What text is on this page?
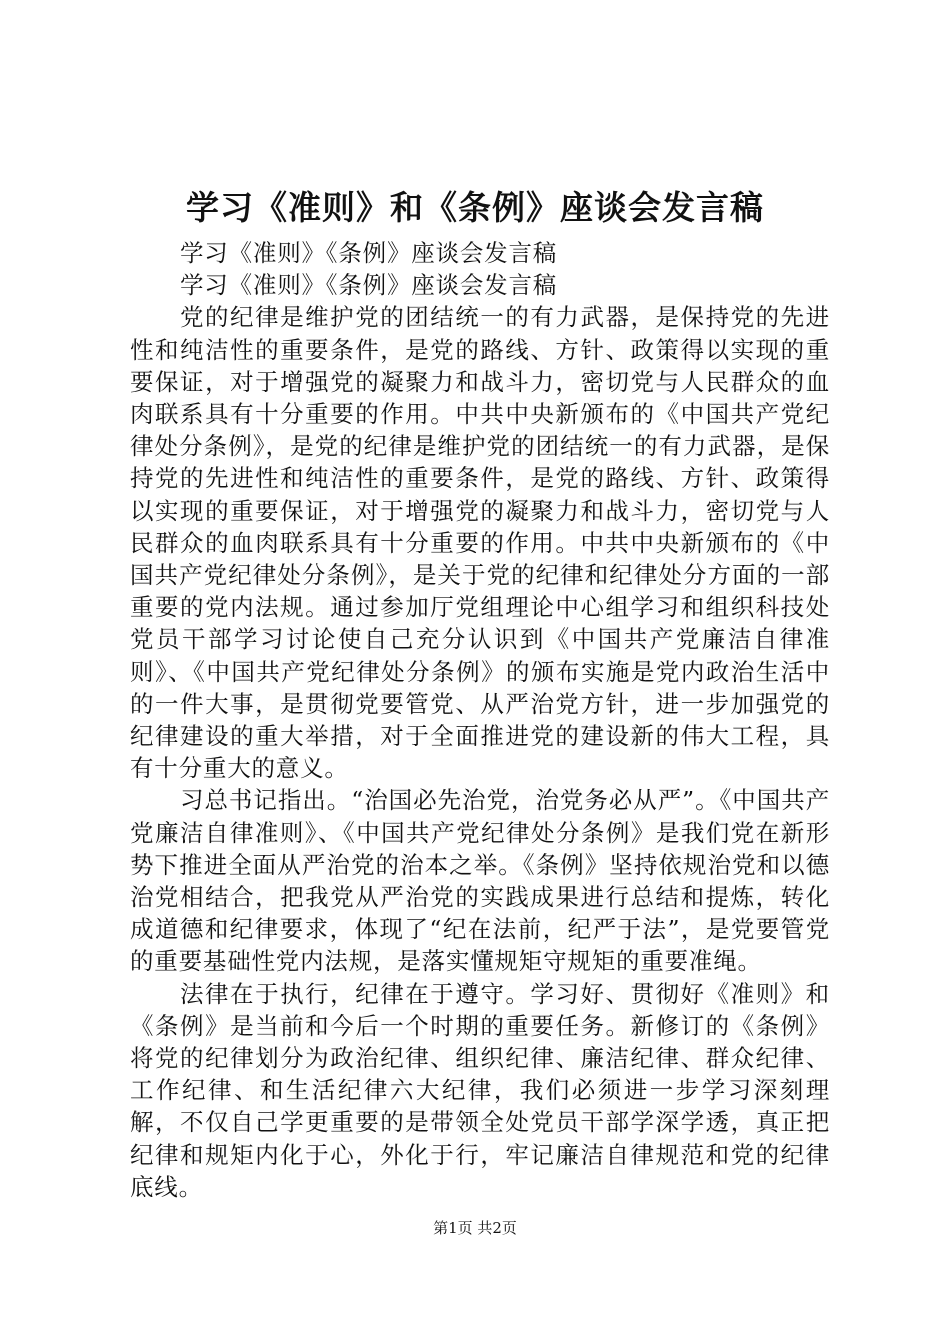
学习《准则》和《条例》座谈会发言稿

学习《准则》《条例》座谈会发言稿

学习《准则》《条例》座谈会发言稿

党的纪律是维护党的团结统一的有力武器，是保持党的先进性和纯洁性的重要条件，是党的路线、方针、政策得以实现的重要保证，对于增强党的凝聚力和战斗力，密切党与人民群众的血肉联系具有十分重要的作用。中共中央新颁布的《中国共产党纪律处分条例》，是党的纪律是维护党的团结统一的有力武器，是保持党的先进性和纯洁性的重要条件，是党的路线、方针、政策得以实现的重要保证，对于增强党的凝聚力和战斗力，密切党与人民群众的血肉联系具有十分重要的作用。中共中央新颁布的《中国共产党纪律处分条例》，是关于党的纪律和纪律处分方面的一部重要的党内法规。通过参加厅党组理论中心组学习和组织科技处党员干部学习讨论使自己充分认识到《中国共产党廉洁自律准则》、《中国共产党纪律处分条例》的颁布实施是党内政治生活中的一件大事，是贯彻党要管党、从严治党方针，进一步加强党的纪律建设的重大举措，对于全面推进党的建设新的伟大工程，具有十分重大的意义。

习总书记指出。“治国必先治党，治党务必从严”。《中国共产党廉洁自律准则》、《中国共产党纪律处分条例》是我们党在新形势下推进全面从严治党的治本之举。《条例》坚持依规治党和以德治党相结合，把我党从严治党的实践成果进行总结和提炼，转化成道德和纪律要求，体现了“纪在法前，纪严于法”，是党要管党的重要基础性党内法规，是落实懂规矩守规矩的重要准绳。

法律在于执行，纪律在于遵守。学习好、贯彻好《准则》和《条例》是当前和今后一个时期的重要任务。新修订的《条例》将党的纪律划分为政治纪律、组织纪律、廉洁纪律、群众纪律、工作纪律、和生活纪律六大纪律，我们必须进一步学习深刻理解，不仅自己学更重要的是带领全处党员干部学深学透，真正把纪律和规矩内化于心，外化于行，牢记廉洁自律规范和党的纪律底线。

第1页 共2页
